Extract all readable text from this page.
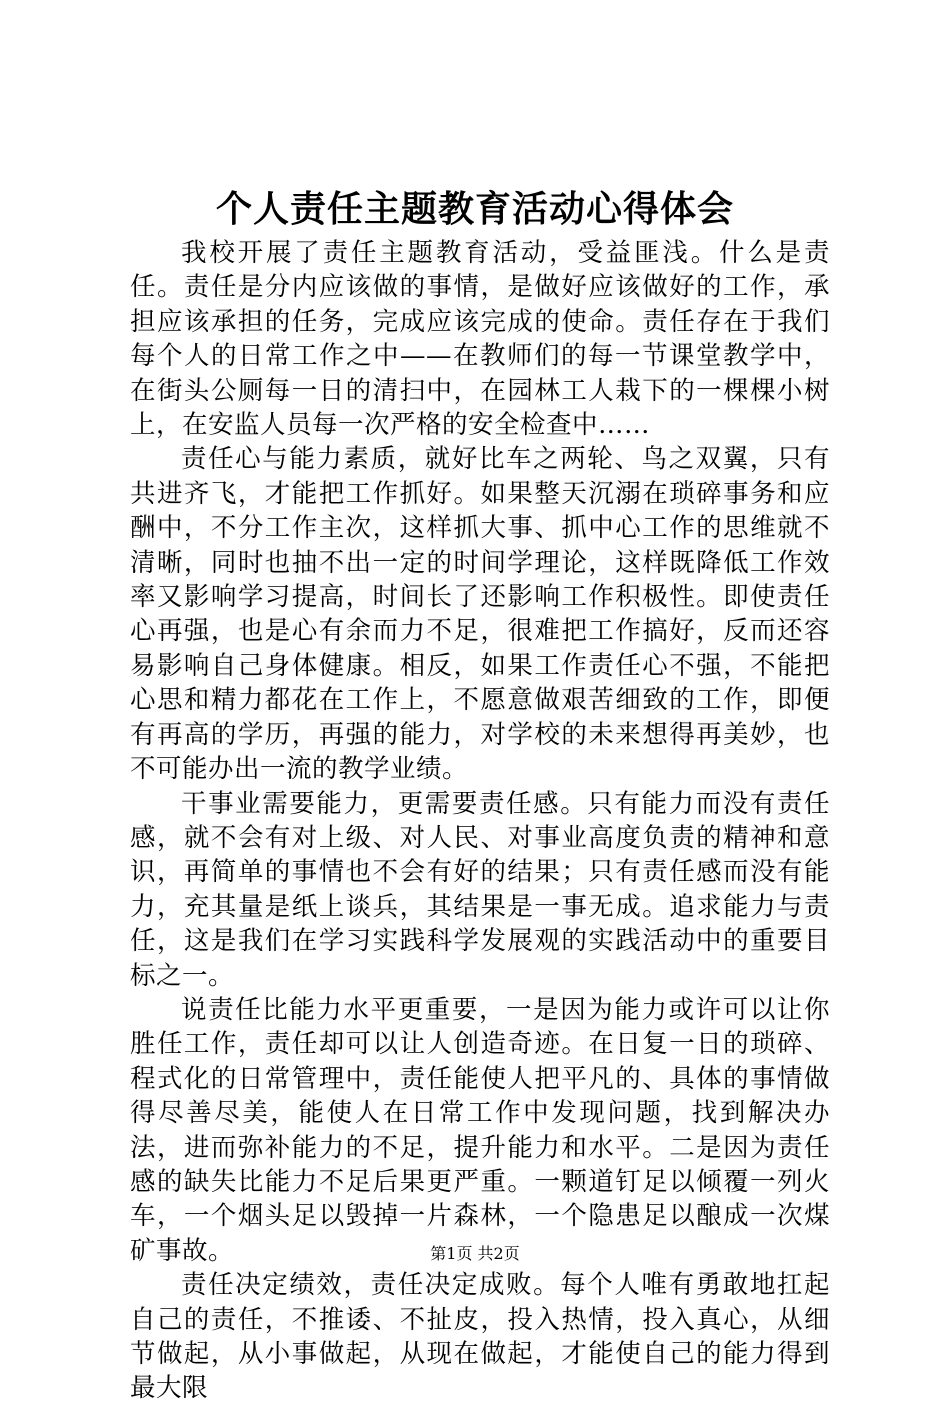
个人责任主题教育活动心得体会

我校开展了责任主题教育活动，受益匪浅。什么是责任。责任是分内应该做的事情，是做好应该做好的工作，承担应该承担的任务，完成应该完成的使命。责任存在于我们每个人的日常工作之中——在教师们的每一节课堂教学中，在街头公厕每一日的清扫中，在园林工人栽下的一棵棵小树上，在安监人员每一次严格的安全检查中……

责任心与能力素质，就好比车之两轮、鸟之双翼，只有共进齐飞，才能把工作抓好。如果整天沉溺在琐碎事务和应酬中，不分工作主次，这样抓大事、抓中心工作的思维就不清晰，同时也抽不出一定的时间学理论，这样既降低工作效率又影响学习提高，时间长了还影响工作积极性。即使责任心再强，也是心有余而力不足，很难把工作搞好，反而还容易影响自己身体健康。相反，如果工作责任心不强，不能把心思和精力都花在工作上，不愿意做艰苦细致的工作，即便有再高的学历，再强的能力，对学校的未来想得再美妙，也不可能办出一流的教学业绩。

干事业需要能力，更需要责任感。只有能力而没有责任感，就不会有对上级、对人民、对事业高度负责的精神和意识，再简单的事情也不会有好的结果；只有责任感而没有能力，充其量是纸上谈兵，其结果是一事无成。追求能力与责任，这是我们在学习实践科学发展观的实践活动中的重要目标之一。

说责任比能力水平更重要，一是因为能力或许可以让你胜任工作，责任却可以让人创造奇迹。在日复一日的琐碎、程式化的日常管理中，责任能使人把平凡的、具体的事情做得尽善尽美，能使人在日常工作中发现问题，找到解决办法，进而弥补能力的不足，提升能力和水平。二是因为责任感的缺失比能力不足后果更严重。一颗道钉足以倾覆一列火车，一个烟头足以毁掉一片森林，一个隐患足以酿成一次煤矿事故。

责任决定绩效，责任决定成败。每个人唯有勇敢地扛起自己的责任，不推诿、不扯皮，投入热情，投入真心，从细节做起，从小事做起，从现在做起，才能使自己的能力得到最大限

第1页 共2页
